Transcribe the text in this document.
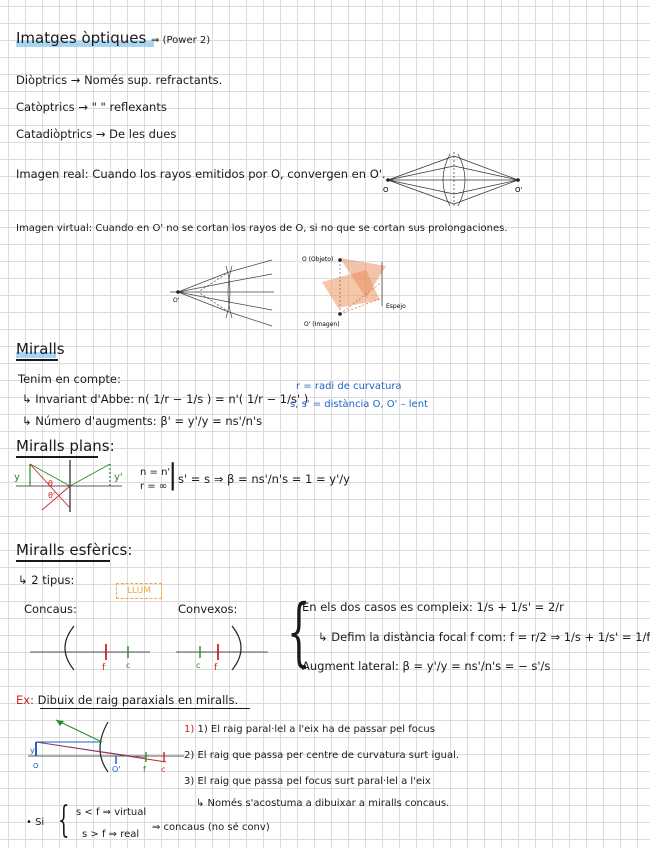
Imatges òptiques ⇒ (Power 2)
Diòptrics → Només sup. refractants.
Catòptrics → " " reflexants
Catadiòptrics → De les dues
Imagen real: Cuando los rayos emitidos por O, convergen en O'.
O	O'
Imagen virtual: Cuando en O' no se cortan los rayos de O, si no que se cortan sus prolongaciones.
O'
O (Objeto)
Espejo
O' (Imagen)
Miralls
Tenim en compte:
↳ Invariant d'Abbe: n( 1/r − 1/s ) = n'( 1/r − 1/s' )
↳ Número d'augments: β' = y'/y = ns'/n's
r = radi de curvatura
s, s' = distància O, O' – lent
Miralls plans:
y	y'
θ
θ'
n = n'
r = ∞ | s' = s ⇒ β = ns'/n's = 1 = y'/y
Miralls esfèrics:
↳ 2 tipus:
LLUM
Concaus:	Convexos:
f	c	c f {
En els dos casos es compleix: 1/s + 1/s' = 2/r
↳ Defim la distància focal f com: f = r/2 ⇒ 1/s + 1/s' = 1/f
Augment lateral: β = y'/y = ns'/n's = − s'/s
Ex: Dibuix de raig paraxials en miralls.
y
O	O'	f c
1) 1) El raig paral·lel a l'eix ha de passar pel focus
2) El raig que passa per centre de curvatura surt igual.
3) El raig que passa pel focus surt paral·lel a l'eix
↳ Només s'acostuma a dibuixar a miralls concaus.
• Si { s < f ⇒ virtual
s > f ⇒ real
⇒ concaus (no sé conv)
